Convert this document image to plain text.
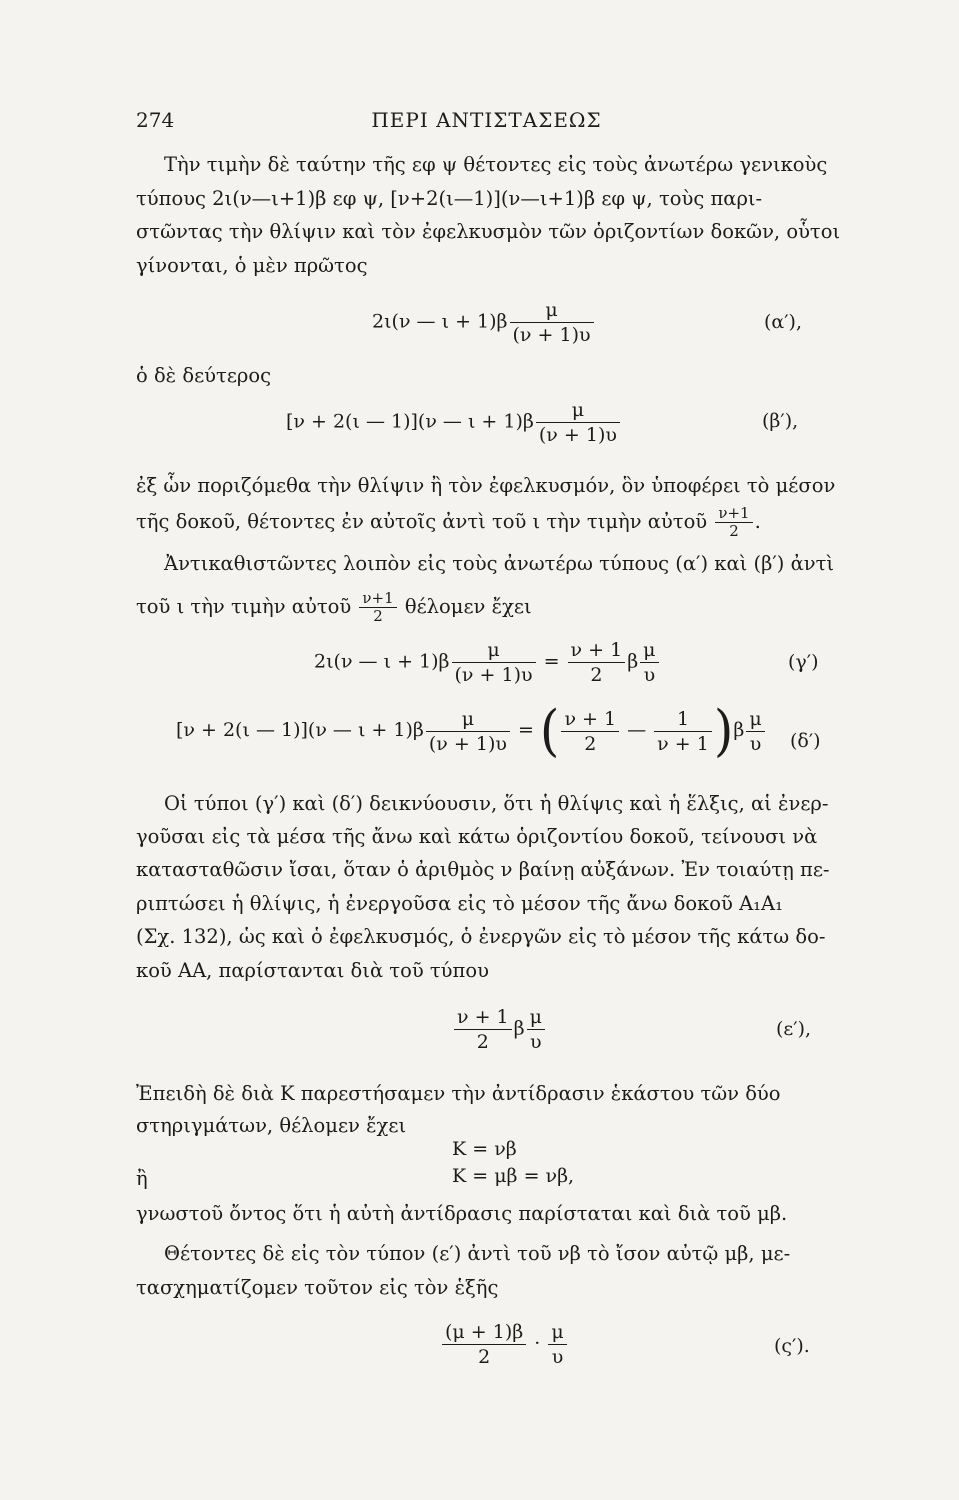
274	ΠΕΡΙ ΑΝΤΙΣΤΑΣΕΩΣ
Τὴν τιμὴν δὲ ταύτην τῆς εφ ψ θέτοντες εἰς τοὺς ἀνωτέρω γενικοὺς
τύπους 2ι(ν—ι+1)β εφ ψ, [ν+2(ι—1)](ν—ι+1)β εφ ψ, τοὺς παρι-
στῶντας τὴν θλίψιν καὶ τὸν ἐφελκυσμὸν τῶν ὁριζοντίων δοκῶν, οὗτοι
γίνονται, ὁ μὲν πρῶτος
2ι(ν — $\iota + 1)\beta \frac{\mu}{(\nu + 1)\upsilon}$	(α′),
ὁ δὲ δεύτερος
[ν + 2(ι — 1)](ν — $\iota + 1)\beta \frac{\mu}{(\nu + 1)\upsilon}$	(β′),
ἐξ ὧν ποριζόμεθα τὴν θλίψιν ἢ τὸν ἐφελκυσμόν, ὃν ὑποφέρει τὸ μέσον
τῆς δοκοῦ, θέτοντες ἐν αὐτοῖς ἀντὶ τοῦ ι τὴν τιμὴν αὐτοῦ $\frac{\nu+1}{2}$ .
Ἀντικαθιστῶντες λοιπὸν εἰς τοὺς ἀνωτέρω τύπους (α′) καὶ (β′) ἀντὶ
τοῦ ι τὴν τιμὴν αὐτοῦ $\frac{\nu+1}{2}$ θέλομεν ἔχει
2ι(ν — $\iota + 1)\beta \frac{\mu}{(\nu + 1)\upsilon} = \frac{\nu + 1}{2}$ β $\frac{\mu}{\upsilon}$	(γ′)
[ν + 2(ι — 1)](ν — $\iota + 1)\beta \frac{\mu}{(\nu + 1)\upsilon}$ = ( $\frac{\nu + 1}{2}$ — $\frac{1}{\nu + 1} )\beta \frac{\mu}{\upsilon} (\delta')$
Οἱ τύποι (γ′) καὶ (δ′) δεικνύουσιν, ὅτι ἡ θλίψις καὶ ἡ ἕλξις, αἱ ἐνερ-
γοῦσαι εἰς τὰ μέσα τῆς ἄνω καὶ κάτω ὁριζοντίου δοκοῦ, τείνουσι νὰ
κατασταθῶσιν ἴσαι, ὅταν ὁ ἀριθμὸς ν βαίνῃ αὐξάνων. Ἐν τοιαύτῃ πε-
ριπτώσει ἡ θλίψις, ἡ ἐνεργοῦσα εἰς τὸ μέσον τῆς ἄνω δοκοῦ Α₁Α₁
(Σχ. 132), ὡς καὶ ὁ ἐφελκυσμός, ὁ ἐνεργῶν εἰς τὸ μέσον τῆς κάτω δο-
κοῦ ΑΑ, παρίστανται διὰ τοῦ τύπου
$\frac{\nu + 1}{2}$ β $\frac{\mu}{\upsilon}$	(ε′),
Ἐπειδὴ δὲ διὰ Κ παρεστήσαμεν τὴν ἀντίδρασιν ἑκάστου τῶν δύο
στηριγμάτων, θέλομεν ἔχει
Κ = νβ
ἢ	Κ = μβ = νβ,
γνωστοῦ ὄντος ὅτι ἡ αὐτὴ ἀντίδρασις παρίσταται καὶ διὰ τοῦ μβ.
Θέτοντες δὲ εἰς τὸν τύπον (ε′) ἀντὶ τοῦ νβ τὸ ἴσον αὐτῷ μβ, με-
τασχηματίζομεν τοῦτον εἰς τὸν ἑξῆς
$\frac{(\mu + 1)\beta}{2} \cdot \frac{\mu}{\upsilon}$	(ς′).
